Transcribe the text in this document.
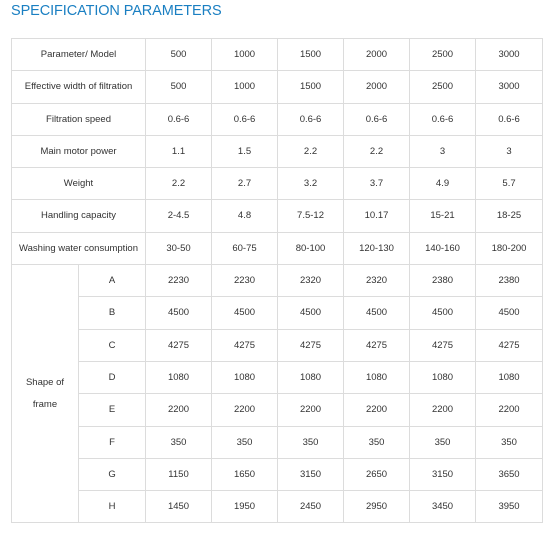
SPECIFICATION PARAMETERS
Parameter/ Model		500	1000	1500	2000	2500	3000
Effective width of filtration		500	1000	1500	2000	2500	3000
Filtration speed		0.6-6	0.6-6	0.6-6	0.6-6	0.6-6	0.6-6
Main motor power		1.1	1.5	2.2	2.2	3	3
Weight		2.2	2.7	3.2	3.7	4.9	5.7
Handling capacity		2-4.5	4.8	7.5-12	10.17	15-21	18-25
Washing water consumption		30-50	60-75	80-100	120-130	140-160	180-200
Shape of frame	A	2230	2230	2320	2320	2380	2380
	B	4500	4500	4500	4500	4500	4500
	C	4275	4275	4275	4275	4275	4275
	D	1080	1080	1080	1080	1080	1080
	E	2200	2200	2200	2200	2200	2200
	F	350	350	350	350	350	350
	G	1150	1650	3150	2650	3150	3650
	H	1450	1950	2450	2950	3450	3950
